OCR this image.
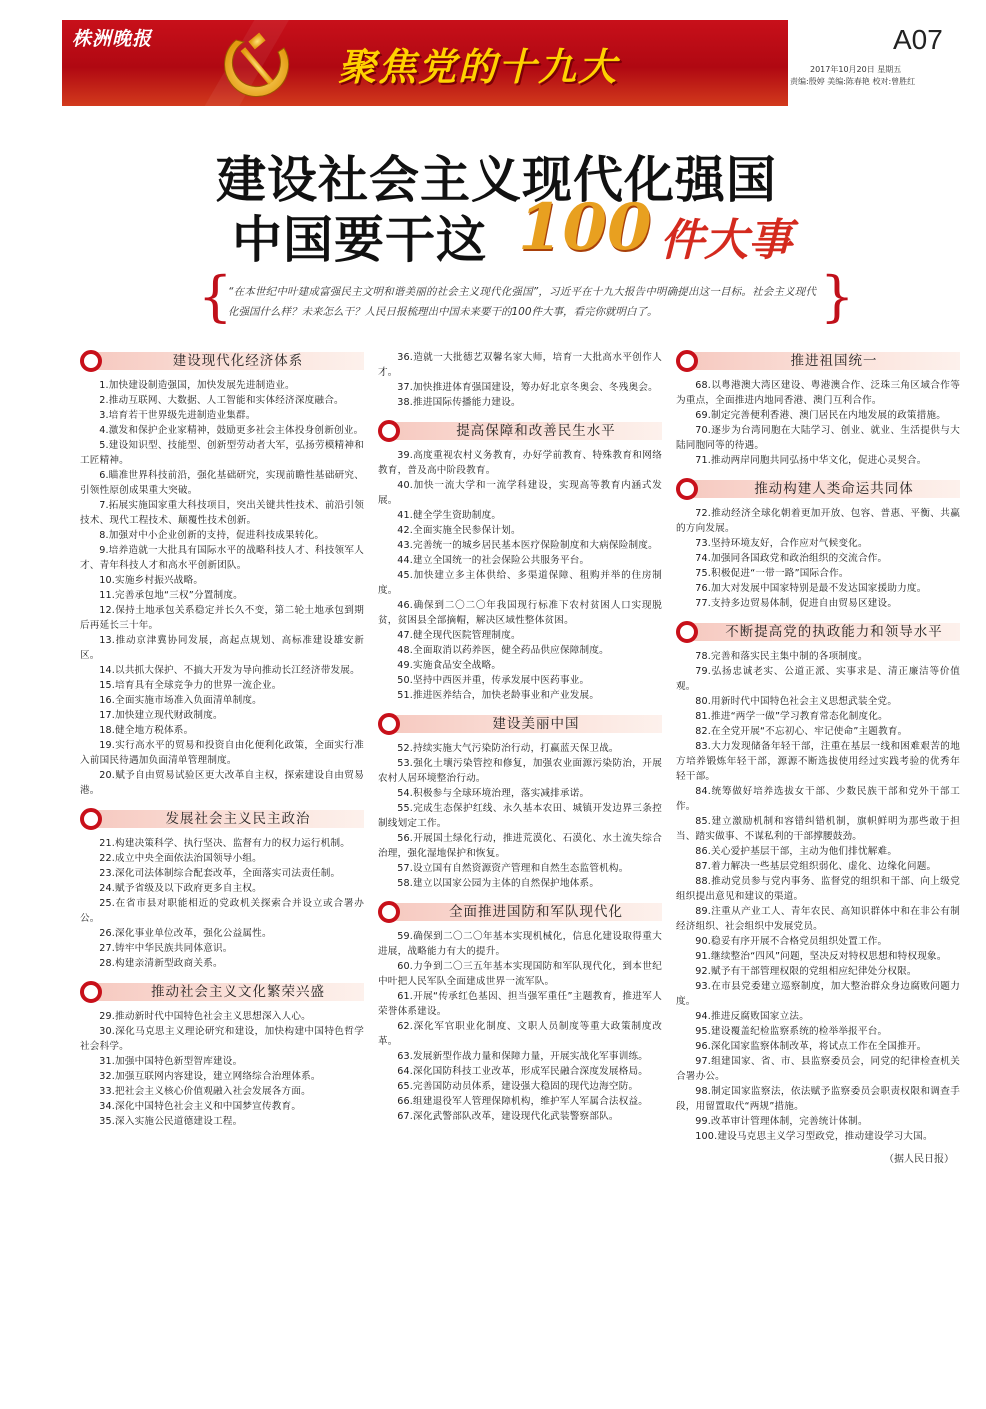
株洲晚报
聚焦党的十九大
A07
2017年10月20日 星期五
责编:殷婷 美编:陈春艳 校对:曾胜红
建设社会主义现代化强国
中国要干这 100 件大事
{
“在本世纪中叶建成富强民主文明和谐美丽的社会主义现代化强国”，习近平在十九大报告中明确提出这一目标。社会主义现代化强国什么样？未来怎么干？人民日报梳理出中国未来要干的100件大事，看完你就明白了。	}
建设现代化经济体系

1.加快建设制造强国，加快发展先进制造业。

2.推动互联网、大数据、人工智能和实体经济深度融合。

3.培育若干世界级先进制造业集群。

4.激发和保护企业家精神，鼓励更多社会主体投身创新创业。

5.建设知识型、技能型、创新型劳动者大军，弘扬劳模精神和工匠精神。

6.瞄准世界科技前沿，强化基础研究，实现前瞻性基础研究、引领性原创成果重大突破。

7.拓展实施国家重大科技项目，突出关键共性技术、前沿引领技术、现代工程技术、颠覆性技术创新。

8.加强对中小企业创新的支持，促进科技成果转化。

9.培养造就一大批具有国际水平的战略科技人才、科技领军人才、青年科技人才和高水平创新团队。

10.实施乡村振兴战略。

11.完善承包地“三权”分置制度。

12.保持土地承包关系稳定并长久不变，第二轮土地承包到期后再延长三十年。

13.推动京津冀协同发展，高起点规划、高标准建设雄安新区。

14.以共抓大保护、不搞大开发为导向推动长江经济带发展。

15.培育具有全球竞争力的世界一流企业。

16.全面实施市场准入负面清单制度。

17.加快建立现代财政制度。

18.健全地方税体系。

19.实行高水平的贸易和投资自由化便利化政策，全面实行准入前国民待遇加负面清单管理制度。

20.赋予自由贸易试验区更大改革自主权，探索建设自由贸易港。

发展社会主义民主政治

21.构建决策科学、执行坚决、监督有力的权力运行机制。

22.成立中央全面依法治国领导小组。

23.深化司法体制综合配套改革，全面落实司法责任制。

24.赋予省级及以下政府更多自主权。

25.在省市县对职能相近的党政机关探索合并设立或合署办公。

26.深化事业单位改革，强化公益属性。

27.铸牢中华民族共同体意识。

28.构建亲清新型政商关系。

推动社会主义文化繁荣兴盛

29.推动新时代中国特色社会主义思想深入人心。

30.深化马克思主义理论研究和建设，加快构建中国特色哲学社会科学。

31.加强中国特色新型智库建设。

32.加强互联网内容建设，建立网络综合治理体系。

33.把社会主义核心价值观融入社会发展各方面。

34.深化中国特色社会主义和中国梦宣传教育。

35.深入实施公民道德建设工程。

36.造就一大批德艺双馨名家大师，培育一大批高水平创作人才。

37.加快推进体育强国建设，筹办好北京冬奥会、冬残奥会。

38.推进国际传播能力建设。

提高保障和改善民生水平

39.高度重视农村义务教育，办好学前教育、特殊教育和网络教育，普及高中阶段教育。

40.加快一流大学和一流学科建设，实现高等教育内涵式发展。

41.健全学生资助制度。

42.全面实施全民参保计划。

43.完善统一的城乡居民基本医疗保险制度和大病保险制度。

44.建立全国统一的社会保险公共服务平台。

45.加快建立多主体供给、多渠道保障、租购并举的住房制度。

46.确保到二〇二〇年我国现行标准下农村贫困人口实现脱贫，贫困县全部摘帽，解决区域性整体贫困。

47.健全现代医院管理制度。

48.全面取消以药养医，健全药品供应保障制度。

49.实施食品安全战略。

50.坚持中西医并重，传承发展中医药事业。

51.推进医养结合，加快老龄事业和产业发展。

建设美丽中国

52.持续实施大气污染防治行动，打赢蓝天保卫战。

53.强化土壤污染管控和修复，加强农业面源污染防治，开展农村人居环境整治行动。

54.积极参与全球环境治理，落实减排承诺。

55.完成生态保护红线、永久基本农田、城镇开发边界三条控制线划定工作。

56.开展国土绿化行动，推进荒漠化、石漠化、水土流失综合治理，强化湿地保护和恢复。

57.设立国有自然资源资产管理和自然生态监管机构。

58.建立以国家公园为主体的自然保护地体系。

全面推进国防和军队现代化

59.确保到二〇二〇年基本实现机械化，信息化建设取得重大进展，战略能力有大的提升。

60.力争到二〇三五年基本实现国防和军队现代化，到本世纪中叶把人民军队全面建成世界一流军队。

61.开展“传承红色基因、担当强军重任”主题教育，推进军人荣誉体系建设。

62.深化军官职业化制度、文职人员制度等重大政策制度改革。

63.发展新型作战力量和保障力量，开展实战化军事训练。

64.深化国防科技工业改革，形成军民融合深度发展格局。

65.完善国防动员体系，建设强大稳固的现代边海空防。

66.组建退役军人管理保障机构，维护军人军属合法权益。

67.深化武警部队改革，建设现代化武装警察部队。

推进祖国统一

68.以粤港澳大湾区建设、粤港澳合作、泛珠三角区域合作等为重点，全面推进内地同香港、澳门互利合作。

69.制定完善便利香港、澳门居民在内地发展的政策措施。

70.逐步为台湾同胞在大陆学习、创业、就业、生活提供与大陆同胞同等的待遇。

71.推动两岸同胞共同弘扬中华文化，促进心灵契合。

推动构建人类命运共同体

72.推动经济全球化朝着更加开放、包容、普惠、平衡、共赢的方向发展。

73.坚持环境友好，合作应对气候变化。

74.加强同各国政党和政治组织的交流合作。

75.积极促进“一带一路”国际合作。

76.加大对发展中国家特别是最不发达国家援助力度。

77.支持多边贸易体制，促进自由贸易区建设。

不断提高党的执政能力和领导水平

78.完善和落实民主集中制的各项制度。

79.弘扬忠诚老实、公道正派、实事求是、清正廉洁等价值观。

80.用新时代中国特色社会主义思想武装全党。

81.推进“两学一做”学习教育常态化制度化。

82.在全党开展“不忘初心、牢记使命”主题教育。

83.大力发现储备年轻干部，注重在基层一线和困难艰苦的地方培养锻炼年轻干部，源源不断选拔使用经过实践考验的优秀年轻干部。

84.统筹做好培养选拔女干部、少数民族干部和党外干部工作。

85.建立激励机制和容错纠错机制，旗帜鲜明为那些敢于担当、踏实做事、不谋私利的干部撑腰鼓劲。

86.关心爱护基层干部，主动为他们排忧解难。

87.着力解决一些基层党组织弱化、虚化、边缘化问题。

88.推动党员参与党内事务、监督党的组织和干部、向上级党组织提出意见和建议的渠道。

89.注重从产业工人、青年农民、高知识群体中和在非公有制经济组织、社会组织中发展党员。

90.稳妥有序开展不合格党员组织处置工作。

91.继续整治“四风”问题，坚决反对特权思想和特权现象。

92.赋予有干部管理权限的党组相应纪律处分权限。

93.在市县党委建立巡察制度，加大整治群众身边腐败问题力度。

94.推进反腐败国家立法。

95.建设覆盖纪检监察系统的检举举报平台。

96.深化国家监察体制改革，将试点工作在全国推开。

97.组建国家、省、市、县监察委员会，同党的纪律检查机关合署办公。

98.制定国家监察法，依法赋予监察委员会职责权限和调查手段，用留置取代“两规”措施。

99.改革审计管理体制，完善统计体制。

100.建设马克思主义学习型政党，推动建设学习大国。

（据人民日报）
